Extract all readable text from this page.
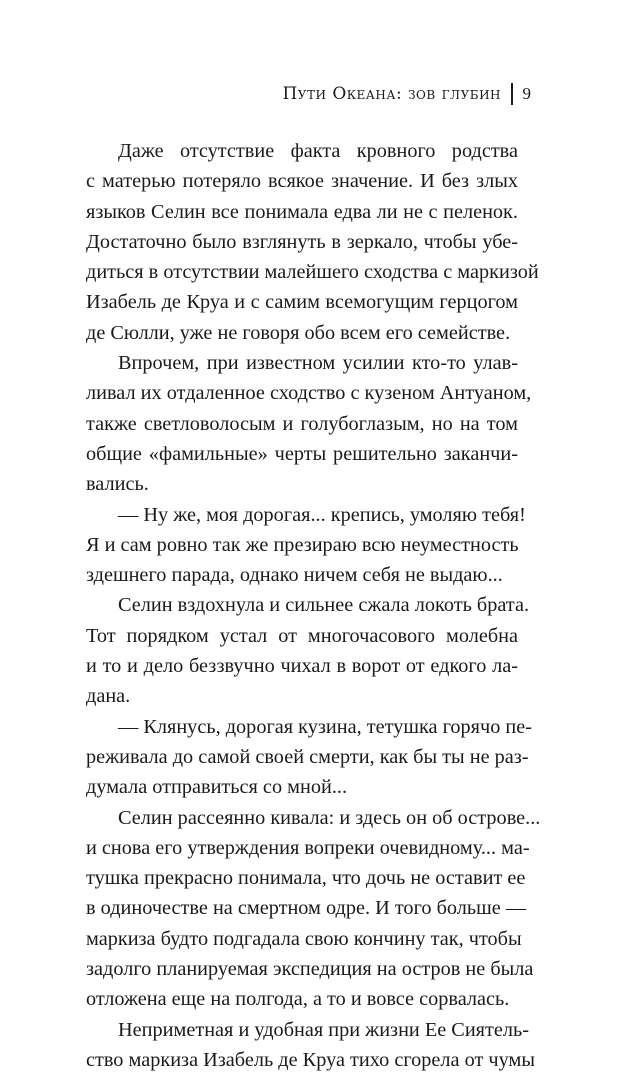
Пути Океана: зов глубин 9
Даже отсутствие факта кровного родства
с матерью потеряло всякое значение. И без злых
языков Селин все понимала едва ли не с пеленок.
Достаточно было взглянуть в зеркало, чтобы убе-
диться в отсутствии малейшего сходства с маркизой
Изабель де Круа и с самим всемогущим герцогом
де Сюлли, уже не говоря обо всем его семействе.
Впрочем, при известном усилии кто-то улав-
ливал их отдаленное сходство с кузеном Антуаном,
также светловолосым и голубоглазым, но на том
общие «фамильные» черты решительно заканчи-
вались.
— Ну же, моя дорогая... крепись, умоляю тебя!
Я и сам ровно так же презираю всю неуместность
здешнего парада, однако ничем себя не выдаю...
Селин вздохнула и сильнее сжала локоть брата.
Тот порядком устал от многочасового молебна
и то и дело беззвучно чихал в ворот от едкого ла-
дана.
— Клянусь, дорогая кузина, тетушка горячо пе-
реживала до самой своей смерти, как бы ты не раз-
думала отправиться со мной...
Селин рассеянно кивала: и здесь он об острове...
и снова его утверждения вопреки очевидному... ма-
тушка прекрасно понимала, что дочь не оставит ее
в одиночестве на смертном одре. И того больше —
маркиза будто подгадала свою кончину так, чтобы
задолго планируемая экспедиция на остров не была
отложена еще на полгода, а то и вовсе сорвалась.
Неприметная и удобная при жизни Ее Сиятель-
ство маркиза Изабель де Круа тихо сгорела от чумы
